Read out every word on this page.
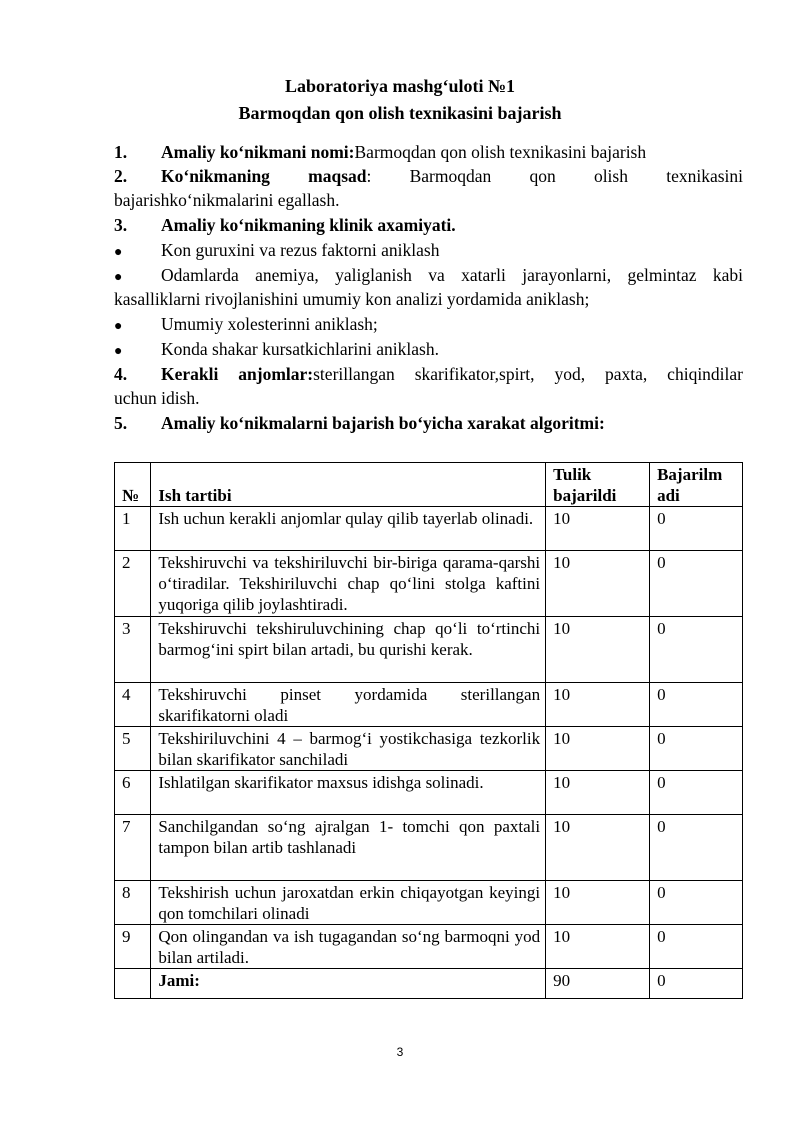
Laboratoriya mashg‘uloti №1
Barmoqdan qon olish texnikasini bajarish
1. Amaliy ko‘nikmani nomi:Barmoqdan qon olish texnikasini bajarish
2. Ko‘nikmaning maqsad: Barmoqdan qon olish texnikasini
bajarishko‘nikmalarini egallash.
3. Amaliy ko‘nikmaning klinik axamiyati.
● Kon guruxini va rezus faktorni aniklash
● Odamlarda anemiya, yaliglanish va xatarli jarayonlarni, gelmintaz kabi
kasalliklarni rivojlanishini umumiy kon analizi yordamida aniklash;
● Umumiy xolesterinni aniklash;
● Konda shakar kursatkichlarini aniklash.
4. Kerakli anjomlar:sterillangan skarifikator,spirt, yod, paxta, chiqindilar
uchun idish.
5. Amaliy ko‘nikmalarni bajarish bo‘yicha xarakat algoritmi:
№	Ish tartibi	Tulik bajarildi	Bajarilm adi
1	Ish uchun kerakli anjomlar qulay qilib tayerlab olinadi.	10	0
2	Tekshiruvchi va tekshiriluvchi bir-biriga qarama-qarshi o‘tiradilar. Tekshiriluvchi chap qo‘lini stolga kaftini yuqoriga qilib joylashtiradi.	10	0
3	Tekshiruvchi tekshiruluvchining chap qo‘li to‘rtinchi barmog‘ini spirt bilan artadi, bu qurishi kerak.	10	0
4	Tekshiruvchi pinset yordamida sterillangan skarifikatorni oladi	10	0
5	Tekshiriluvchini 4 – barmog‘i yostikchasiga tezkorlik bilan skarifikator sanchiladi	10	0
6	Ishlatilgan skarifikator maxsus idishga solinadi.	10	0
7	Sanchilgandan so‘ng ajralgan 1- tomchi qon paxtali tampon bilan artib tashlanadi	10	0
8	Tekshirish uchun jaroxatdan erkin chiqayotgan keyingi qon tomchilari olinadi	10	0
9	Qon olingandan va ish tugagandan so‘ng barmoqni yod bilan artiladi.	10	0
	Jami:	90	0
3
